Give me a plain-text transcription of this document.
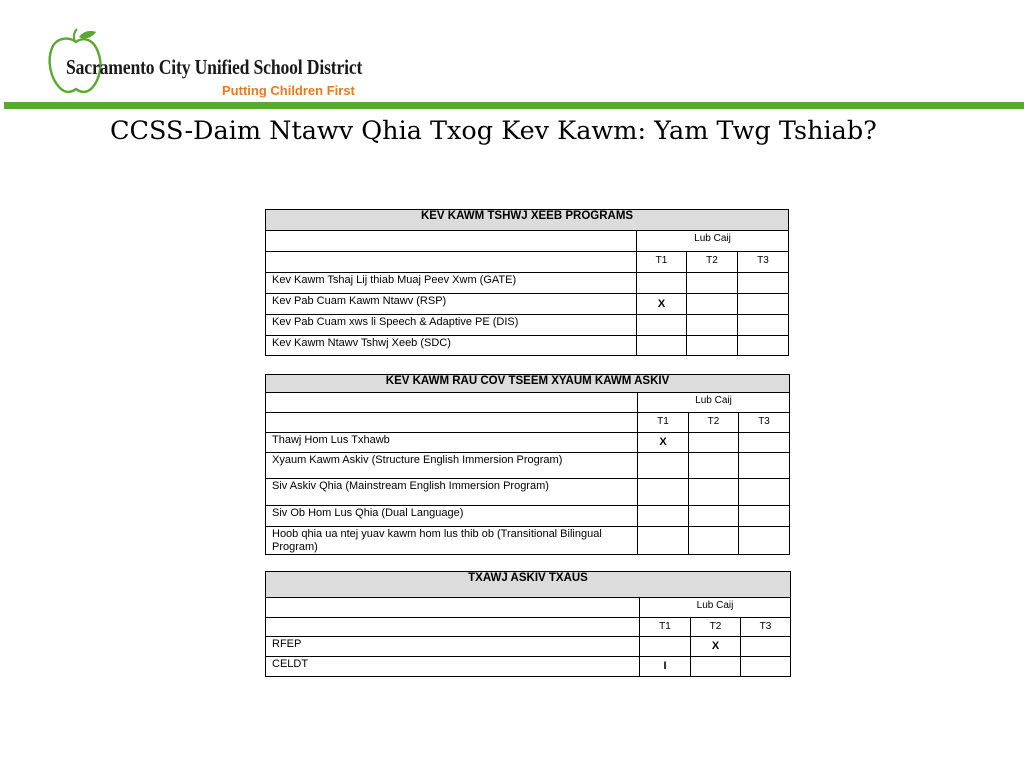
Sacramento City Unified School District
Putting Children First
CCSS-Daim Ntawv Qhia Txog Kev Kawm: Yam Twg Tshiab?
KEV KAWM TSHWJ XEEB PROGRAMS			
	Lub Caij		
	T1	T2	T3
Kev Kawm Tshaj Lij thiab Muaj Peev Xwm (GATE)			
Kev Pab Cuam Kawm Ntawv (RSP)	X		
Kev Pab Cuam xws li Speech & Adaptive PE (DIS)			
Kev Kawm Ntawv Tshwj Xeeb (SDC)			
KEV KAWM RAU COV TSEEM XYAUM KAWM ASKIV			
	Lub Caij		
	T1	T2	T3
Thawj Hom Lus Txhawb	X		
Xyaum Kawm Askiv (Structure English Immersion Program)			
Siv Askiv Qhia (Mainstream English Immersion Program)			
Siv Ob Hom Lus Qhia (Dual Language)			
Hoob qhia ua ntej yuav kawm hom lus thib ob (Transitional Bilingual Program)			
TXAWJ ASKIV TXAUS			
	Lub Caij		
	T1	T2	T3
RFEP		X	
CELDT	I		
